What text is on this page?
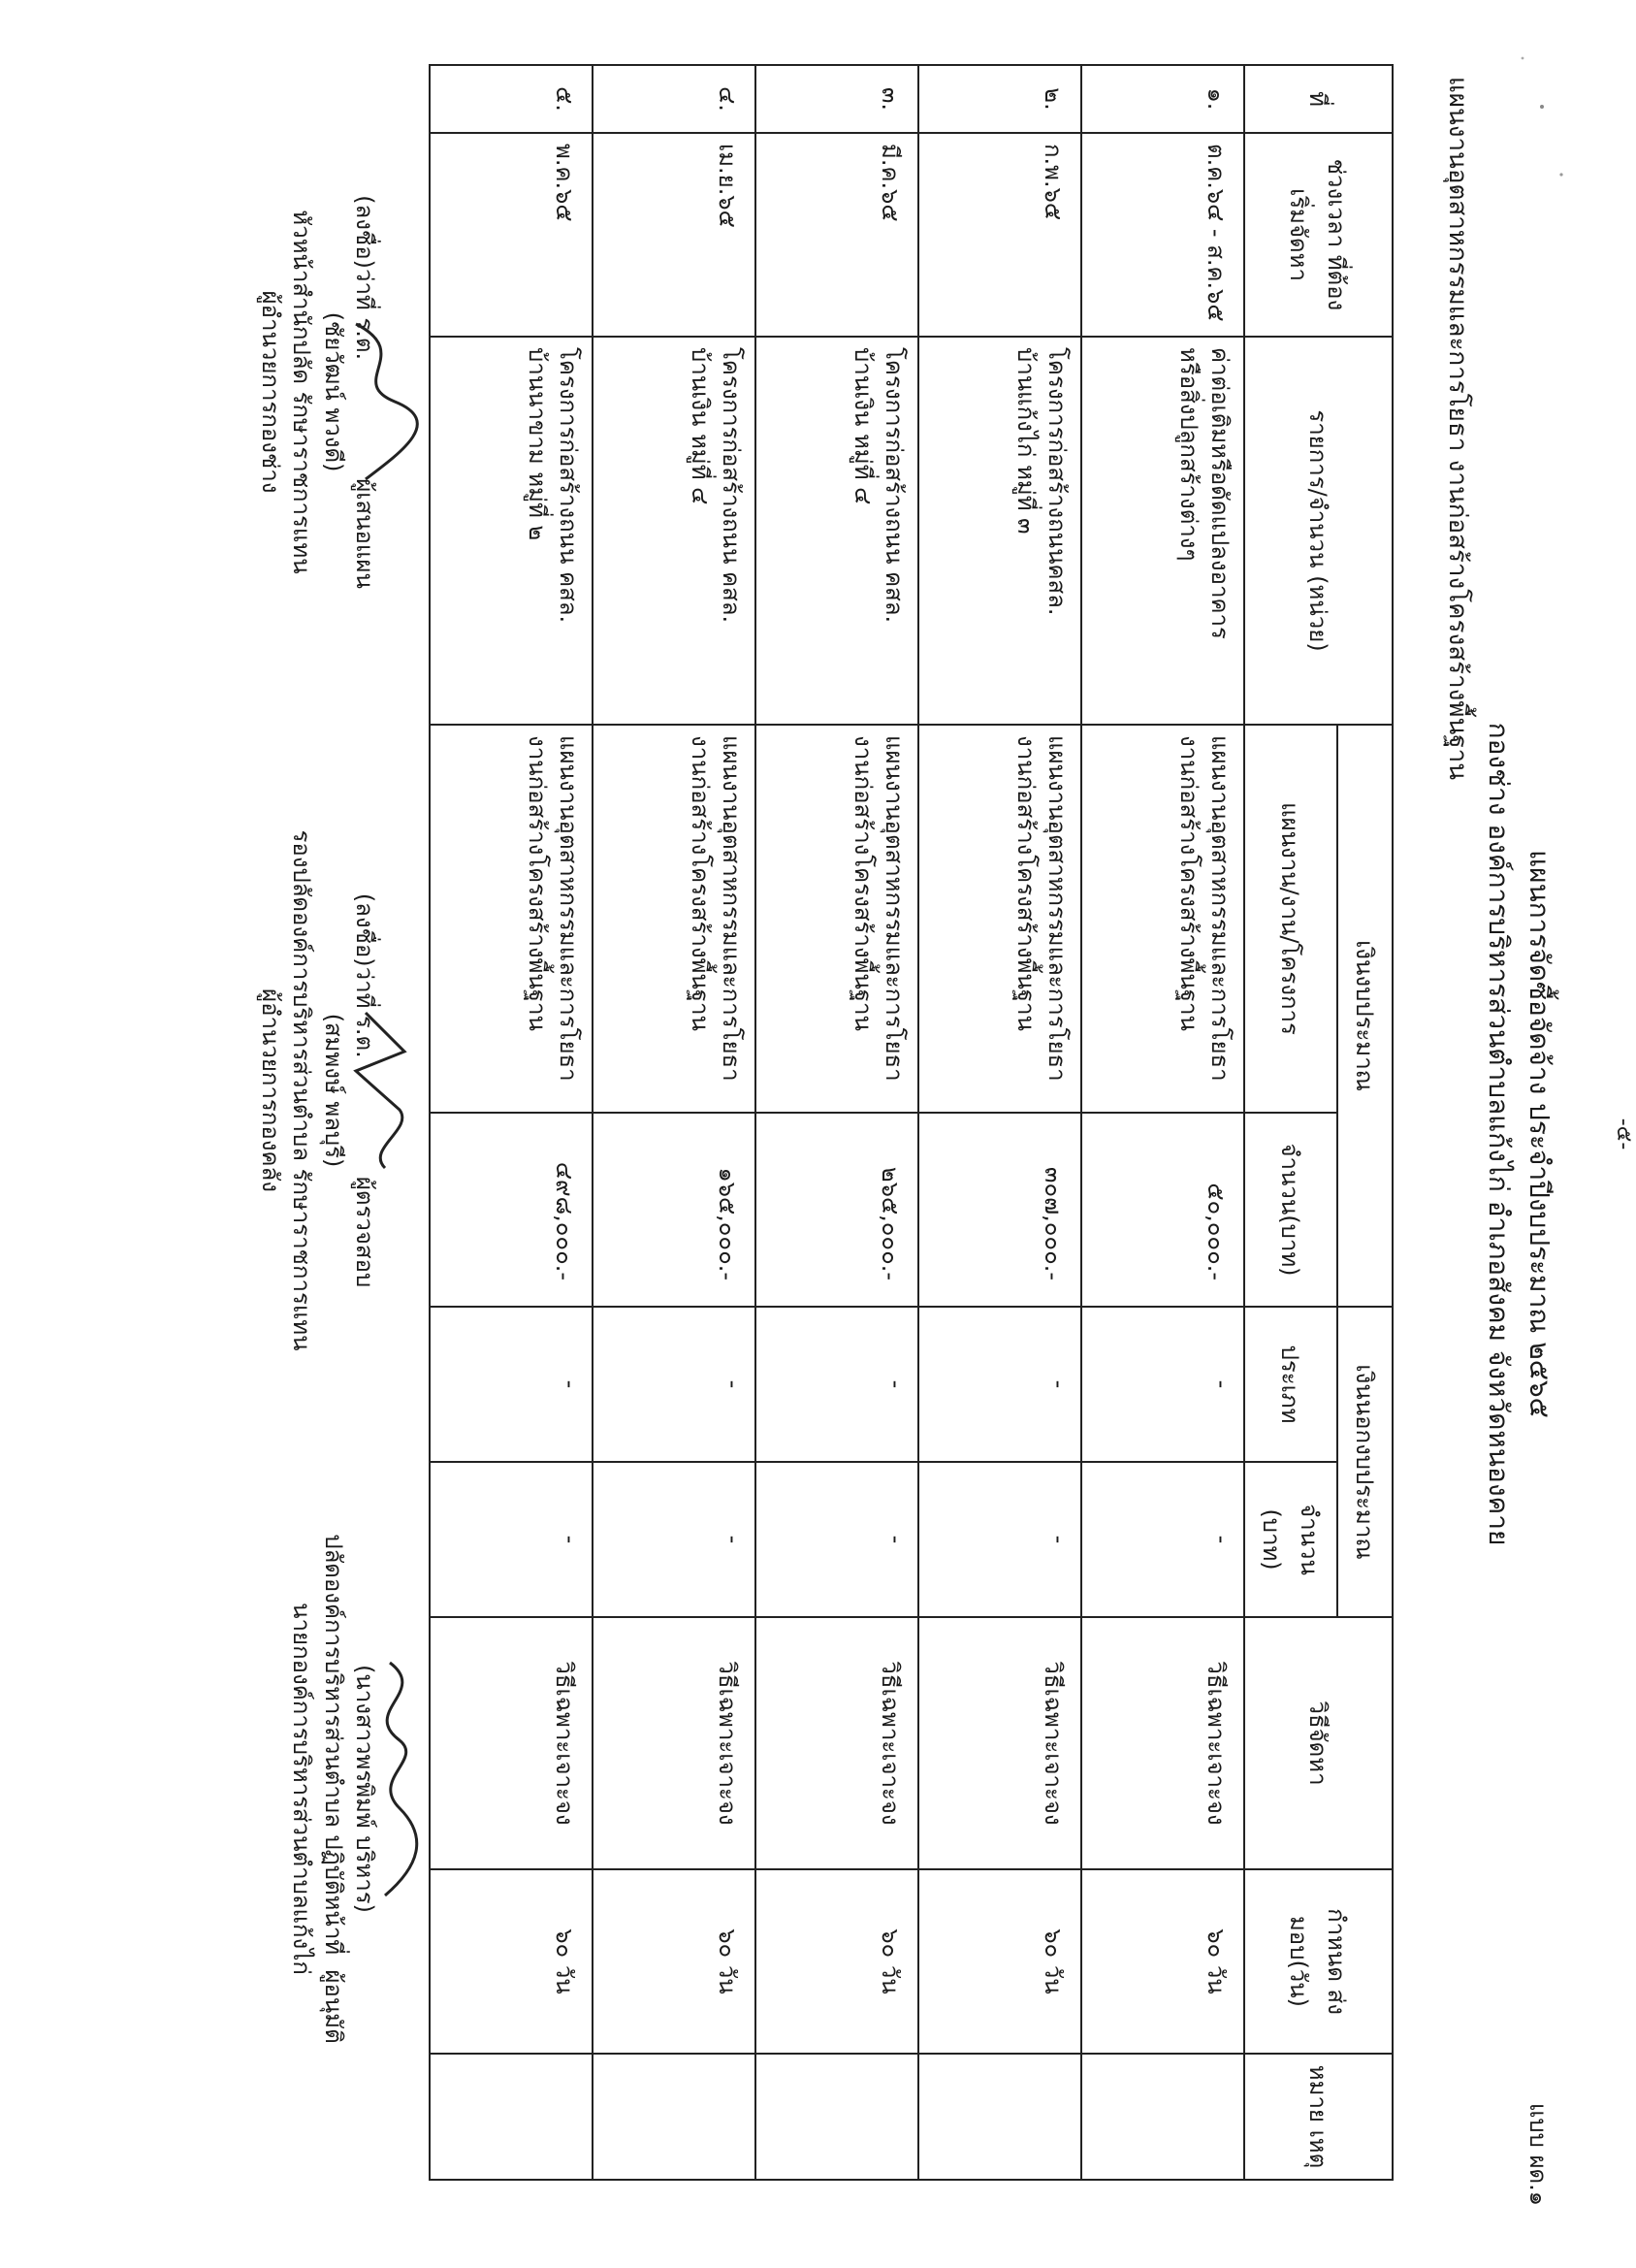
-๕-
แบบ ผด.๑
แผนการจัดซื้อจัดจ้าง ประจำปีงบประมาณ ๒๕๖๕
กองช่าง องค์การบริหารส่วนตำบลแก้งไก่ อำเภอสังคม จังหวัดหนองคาย
แผนงานอุตสาหกรรมและการโยธา งานก่อสร้างโครงสร้างพื้นฐาน
ที่	ช่วงเวลา ที่ต้องเริ่มจัดหา	รายการ/จำนวน (หน่วย)	เงินงบประมาณ		เงินนอกงบประมาณ		วิธีจัดหา	กำหนด ส่งมอบ(วัน)	หมาย เหตุ
			แผนงาน/งาน/โครงการ	จำนวน(บาท)	ประเภท	จำนวน (บาท)			
๑.	ต.ค.๖๔ - ส.ค.๖๕	ค่าต่อเติมหรือดัดแปลงอาคาร
หรือสิ่งปลูกสร้างต่างๆ	แผนงานอุตสาหกรรมและการโยธา
งานก่อสร้างโครงสร้างพื้นฐาน	๕๐,๐๐๐.-	-	-	วิธีเฉพาะเจาะจง	๖๐ วัน	
๒.	ก.พ.๖๕	โครงการก่อสร้างถนนคสล.
บ้านแก้งไก่ หมู่ที่ ๓	แผนงานอุตสาหกรรมและการโยธา
งานก่อสร้างโครงสร้างพื้นฐาน	๓๐๗,๐๐๐.-	-	-	วิธีเฉพาะเจาะจง	๖๐ วัน	
๓.	มี.ค.๖๕	โครงการก่อสร้างถนน คสล.
บ้านเงิน หมู่ที่ ๔	แผนงานอุตสาหกรรมและการโยธา
งานก่อสร้างโครงสร้างพื้นฐาน	๒๖๕,๐๐๐.-	-	-	วิธีเฉพาะเจาะจง	๖๐ วัน	
๔.	เม.ย.๖๕	โครงการก่อสร้างถนน คสล.
บ้านเงิน หมู่ที่ ๔	แผนงานอุตสาหกรรมและการโยธา
งานก่อสร้างโครงสร้างพื้นฐาน	๑๖๕,๐๐๐.-	-	-	วิธีเฉพาะเจาะจง	๖๐ วัน	
๕.	พ.ค.๖๕	โครงการก่อสร้างถนน คสล.
บ้านนาขาม หมู่ที่ ๒	แผนงานอุตสาหกรรมและการโยธา
งานก่อสร้างโครงสร้างพื้นฐาน	๔๙๘,๐๐๐.-	-	-	วิธีเฉพาะเจาะจง	๖๐ วัน	
(ลงชื่อ)ว่าที่ ร.ต.                ผู้เสนอแผน
(ชัยวัฒน์ พวงดี)
หัวหน้าสำนักปลัด รักษาราชการแทน
ผู้อำนวยการกองช่าง
(ลงชื่อ)ว่าที่ ร.ต.                ผู้ตรวจสอบ
(สมพงษ์ พลบุรี)
รองปลัดองค์การบริหารส่วนตำบล รักษาราชการแทน
ผู้อำนวยการกองคลัง
(นางสาวพรพิมพ์ บริหาร)
ปลัดองค์การบริหารส่วนตำบล ปฏิบัติหน้าที่  ผู้อนุมัติ
นายกองค์การบริหารส่วนตำบลแก้งไก่
